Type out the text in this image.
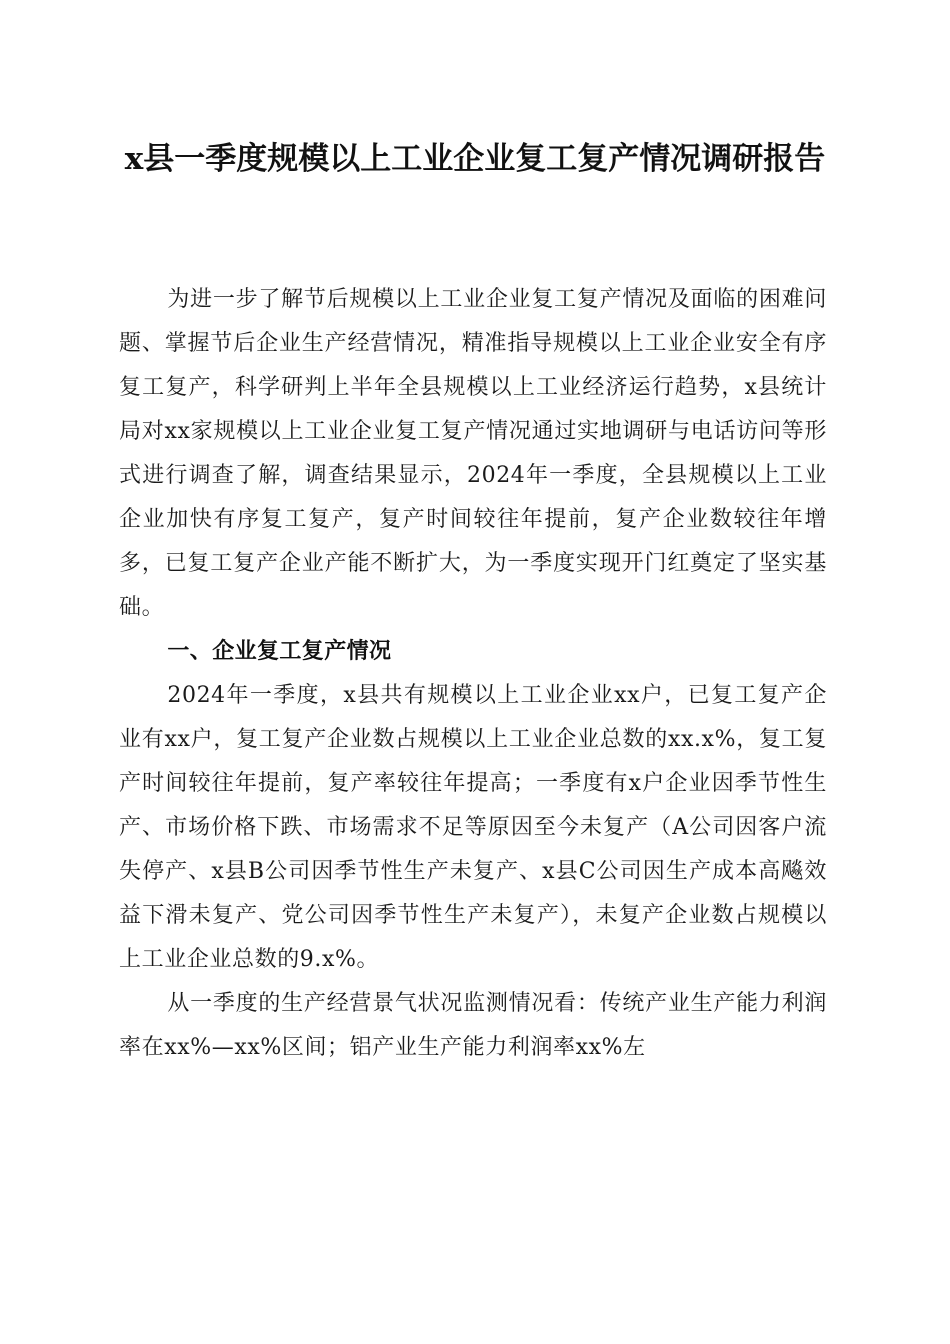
x县一季度规模以上工业企业复工复产情况调研报告

为进一步了解节后规模以上工业企业复工复产情况及面临的困难问题、掌握节后企业生产经营情况，精准指导规模以上工业企业安全有序复工复产，科学研判上半年全县规模以上工业经济运行趋势，x县统计局对xx家规模以上工业企业复工复产情况通过实地调研与电话访问等形式进行调查了解，调查结果显示，2024年一季度，全县规模以上工业企业加快有序复工复产，复产时间较往年提前，复产企业数较往年增多，已复工复产企业产能不断扩大，为一季度实现开门红奠定了坚实基础。

一、企业复工复产情况

2024年一季度，x县共有规模以上工业企业xx户，已复工复产企业有xx户，复工复产企业数占规模以上工业企业总数的xx.x%，复工复产时间较往年提前，复产率较往年提高；一季度有x户企业因季节性生产、市场价格下跌、市场需求不足等原因至今未复产（A公司因客户流失停产、x县B公司因季节性生产未复产、x县C公司因生产成本高飚效益下滑未复产、党公司因季节性生产未复产），未复产企业数占规模以上工业企业总数的9.x%。

从一季度的生产经营景气状况监测情况看：传统产业生产能力利润率在xx%—xx%区间；铝产业生产能力利润率xx%左
